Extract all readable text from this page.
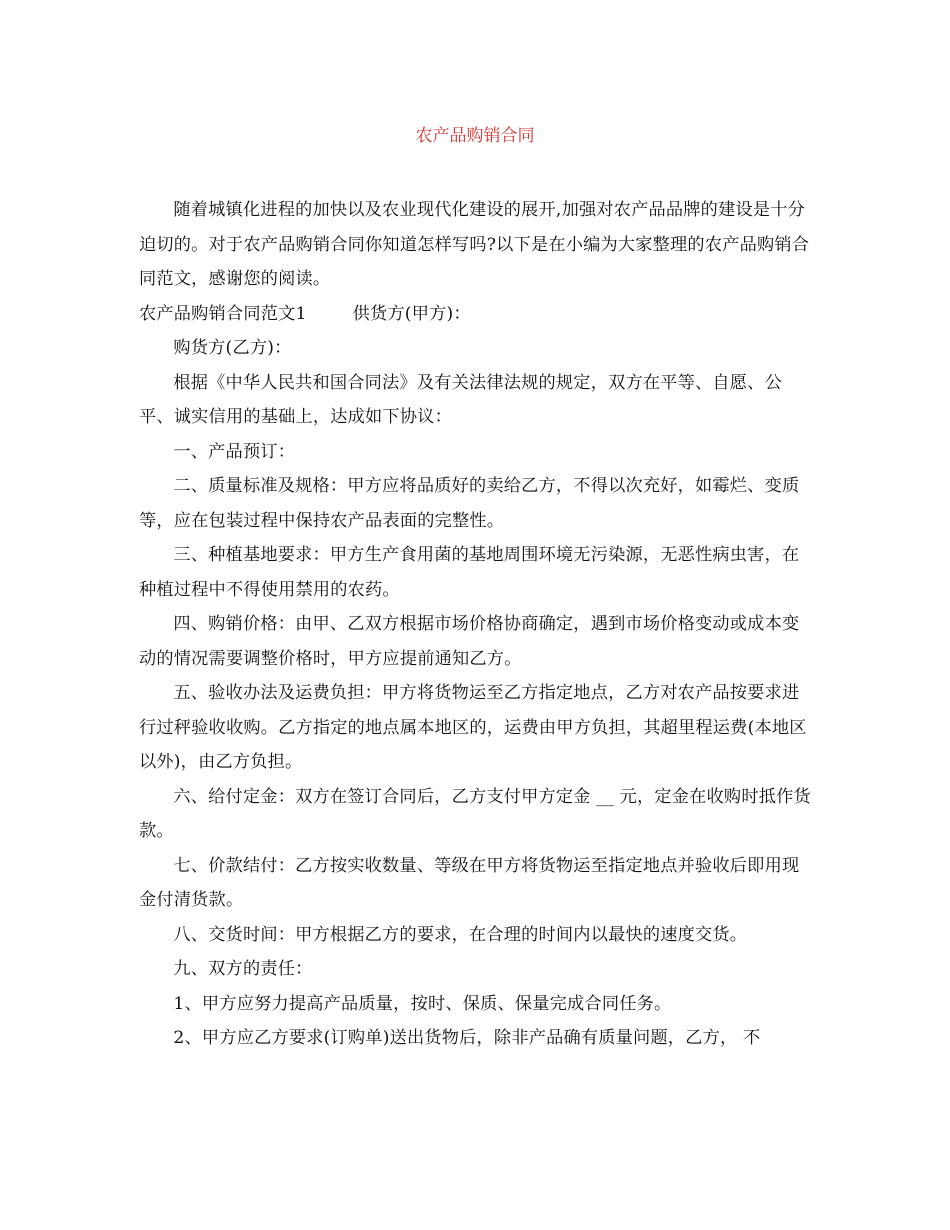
农产品购销合同

随着城镇化进程的加快以及农业现代化建设的展开,加强对农产品品牌的建设是十分迫切的。对于农产品购销合同你知道怎样写吗?以下是在小编为大家整理的农产品购销合同范文，感谢您的阅读。

农产品购销合同范文1	供货方(甲方)：

购货方(乙方)：

根据《中华人民共和国合同法》及有关法律法规的规定，双方在平等、自愿、公平、诚实信用的基础上，达成如下协议：

一、产品预订：

二、质量标准及规格：甲方应将品质好的卖给乙方，不得以次充好，如霉烂、变质等，应在包装过程中保持农产品表面的完整性。

三、种植基地要求：甲方生产食用菌的基地周围环境无污染源，无恶性病虫害，在种植过程中不得使用禁用的农药。

四、购销价格：由甲、乙双方根据市场价格协商确定，遇到市场价格变动或成本变动的情况需要调整价格时，甲方应提前通知乙方。

五、验收办法及运费负担：甲方将货物运至乙方指定地点，乙方对农产品按要求进行过秤验收收购。乙方指定的地点属本地区的，运费由甲方负担，其超里程运费(本地区以外)，由乙方负担。

六、给付定金：双方在签订合同后，乙方支付甲方定金 __ 元，定金在收购时抵作货款。

七、价款结付：乙方按实收数量、等级在甲方将货物运至指定地点并验收后即用现金付清货款。

八、交货时间：甲方根据乙方的要求，在合理的时间内以最快的速度交货。

九、双方的责任：

1、甲方应努力提高产品质量，按时、保质、保量完成合同任务。

2、甲方应乙方要求(订购单)送出货物后，除非产品确有质量问题，乙方， 不
